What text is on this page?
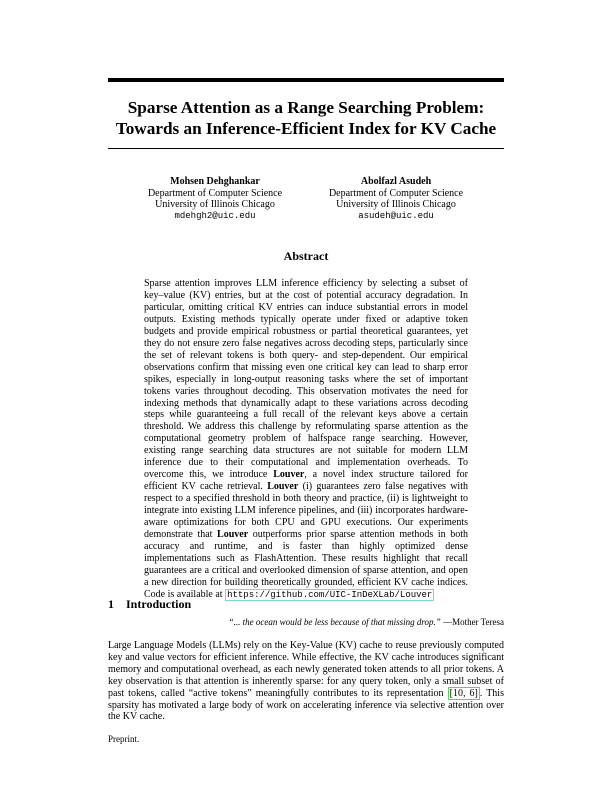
Sparse Attention as a Range Searching Problem:
Towards an Inference-Efficient Index for KV Cache
Mohsen Dehghankar
Department of Computer Science
University of Illinois Chicago
mdehgh2@uic.edu
Abolfazl Asudeh
Department of Computer Science
University of Illinois Chicago
asudeh@uic.edu
Abstract
Sparse attention improves LLM inference efficiency by selecting a subset of key–value (KV) entries, but at the cost of potential accuracy degradation. In particular, omitting critical KV entries can induce substantial errors in model outputs. Existing methods typically operate under fixed or adaptive token budgets and provide empirical robustness or partial theoretical guarantees, yet they do not ensure zero false negatives across decoding steps, particularly since the set of relevant tokens is both query- and step-dependent. Our empirical observations confirm that missing even one critical key can lead to sharp error spikes, especially in long-output reasoning tasks where the set of important tokens varies throughout decoding. This observation motivates the need for indexing methods that dynamically adapt to these variations across decoding steps while guaranteeing a full recall of the relevant keys above a certain threshold. We address this challenge by reformulating sparse attention as the computational geometry problem of halfspace range searching. However, existing range searching data structures are not suitable for modern LLM inference due to their computational and implementation overheads. To overcome this, we introduce Louver, a novel index structure tailored for efficient KV cache retrieval. Louver (i) guarantees zero false negatives with respect to a specified threshold in both theory and practice, (ii) is lightweight to integrate into existing LLM inference pipelines, and (iii) incorporates hardware-aware optimizations for both CPU and GPU executions. Our experiments demonstrate that Louver outperforms prior sparse attention methods in both accuracy and runtime, and is faster than highly optimized dense implementations such as FlashAttention. These results highlight that recall guarantees are a critical and overlooked dimension of sparse attention, and open a new direction for building theoretically grounded, efficient KV cache indices. Code is available at https://github.com/UIC-InDeXLab/Louver
1 Introduction
“... the ocean would be less because of that missing drop.” —Mother Teresa
Large Language Models (LLMs) rely on the Key-Value (KV) cache to reuse previously computed key and value vectors for efficient inference. While effective, the KV cache introduces significant memory and computational overhead, as each newly generated token attends to all prior tokens. A key observation is that attention is inherently sparse: for any query token, only a small subset of past tokens, called “active tokens” meaningfully contributes to its representation [10, 6] . This sparsity has motivated a large body of work on accelerating inference via selective attention over the KV cache.
Preprint.
